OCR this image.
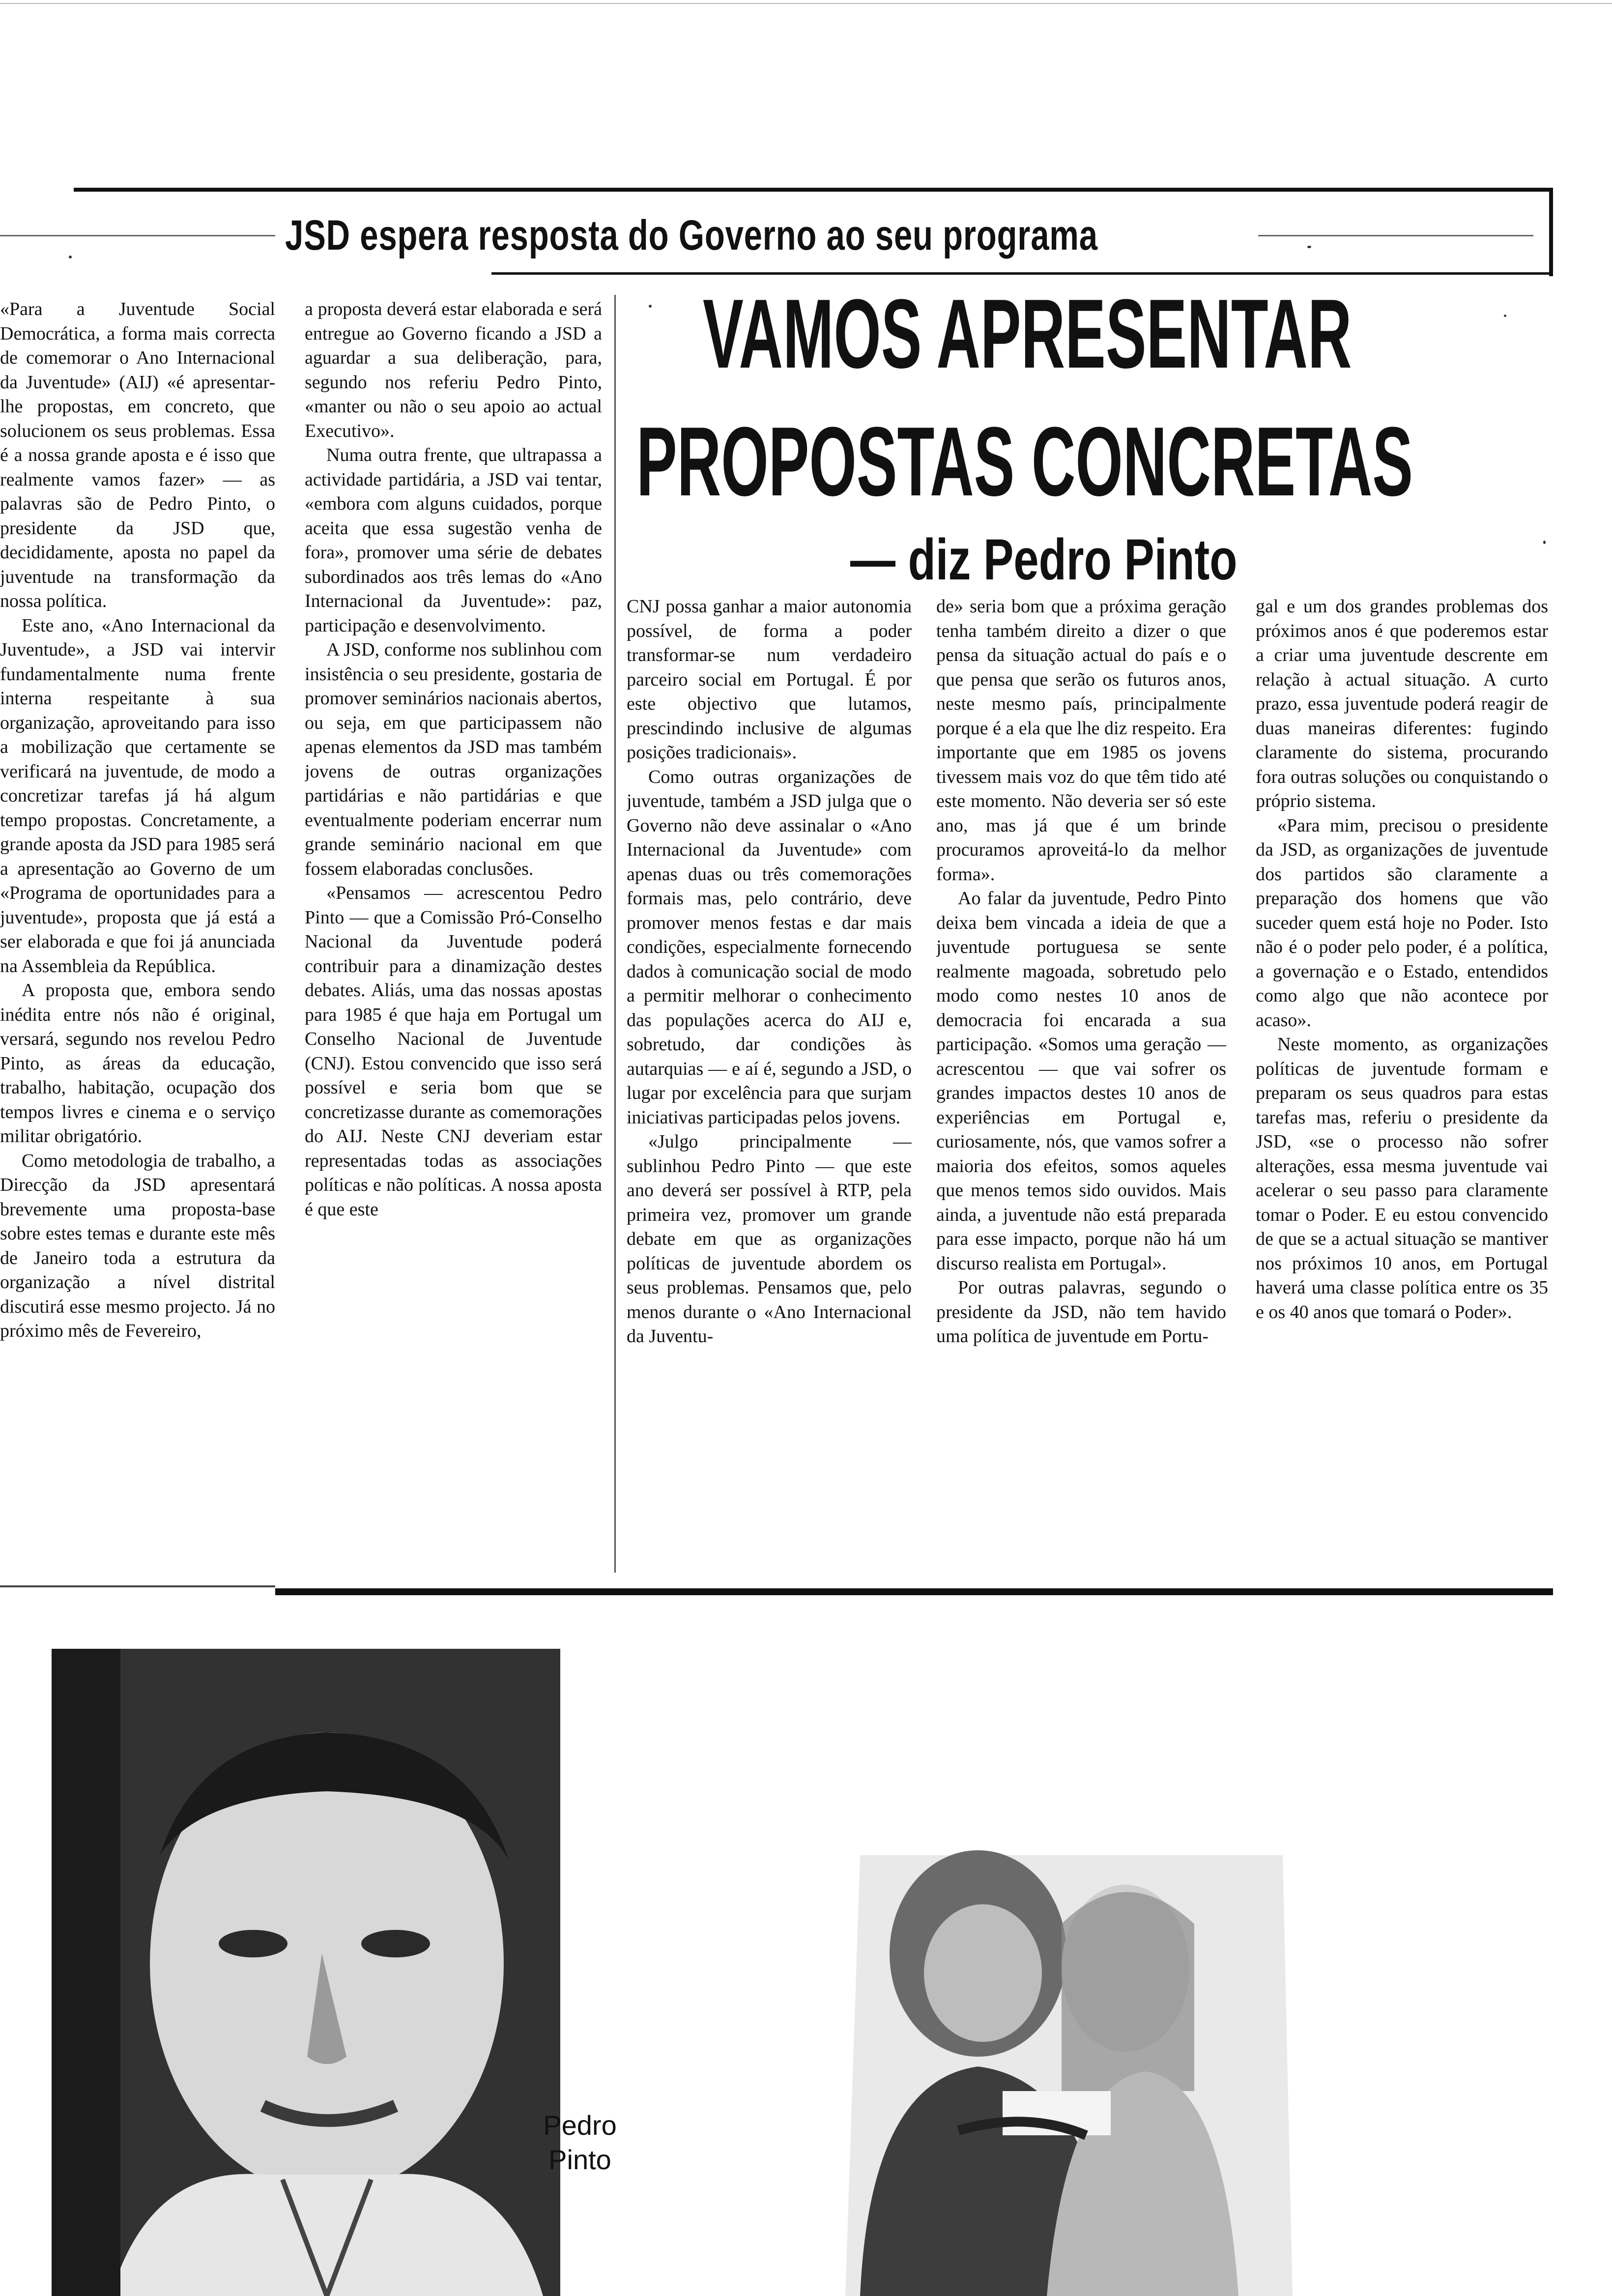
JSD espera resposta do Governo ao seu programa
VAMOS APRESENTAR
PROPOSTAS CONCRETAS
— diz Pedro Pinto

«Para a Juventude Social Democrática, a forma mais correcta de comemorar o Ano Internacional da Juventude» (AIJ) «é apresentar-lhe propostas, em concreto, que solucionem os seus problemas. Essa é a nossa grande aposta e é isso que realmente vamos fazer» — as palavras são de Pedro Pinto, o presidente da JSD que, decididamente, aposta no papel da juventude na transformação da nossa política.

Este ano, «Ano Internacional da Juventude», a JSD vai intervir fundamentalmente numa frente interna respeitante à sua organização, aproveitando para isso a mobilização que certamente se verificará na juventude, de modo a concretizar tarefas já há algum tempo propostas. Concretamente, a grande aposta da JSD para 1985 será a apresentação ao Governo de um «Programa de oportunidades para a juventude», proposta que já está a ser elaborada e que foi já anunciada na Assembleia da República.

A proposta que, embora sendo inédita entre nós não é original, versará, segundo nos revelou Pedro Pinto, as áreas da educação, trabalho, habitação, ocupação dos tempos livres e cinema e o serviço militar obrigatório.

Como metodologia de trabalho, a Direcção da JSD apresentará brevemente uma proposta-base sobre estes temas e durante este mês de Janeiro toda a estrutura da organização a nível distrital discutirá esse mesmo projecto. Já no próximo mês de Fevereiro,

a proposta deverá estar elaborada e será entregue ao Governo ficando a JSD a aguardar a sua deliberação, para, segundo nos referiu Pedro Pinto, «manter ou não o seu apoio ao actual Executivo».

Numa outra frente, que ultrapassa a actividade partidária, a JSD vai tentar, «embora com alguns cuidados, porque aceita que essa sugestão venha de fora», promover uma série de debates subordinados aos três lemas do «Ano Internacional da Juventude»: paz, participação e desenvolvimento.

A JSD, conforme nos sublinhou com insistência o seu presidente, gostaria de promover seminários nacionais abertos, ou seja, em que participassem não apenas elementos da JSD mas também jovens de outras organizações partidárias e não partidárias e que eventualmente poderiam encerrar num grande seminário nacional em que fossem elaboradas conclusões.

«Pensamos — acrescentou Pedro Pinto — que a Comissão Pró-Conselho Nacional da Juventude poderá contribuir para a dinamização destes debates. Aliás, uma das nossas apostas para 1985 é que haja em Portugal um Conselho Nacional de Juventude (CNJ). Estou convencido que isso será possível e seria bom que se concretizasse durante as comemorações do AIJ. Neste CNJ deveriam estar representadas todas as associações políticas e não políticas. A nossa aposta é que este

CNJ possa ganhar a maior autonomia possível, de forma a poder transformar-se num verdadeiro parceiro social em Portugal. É por este objectivo que lutamos, prescindindo inclusive de algumas posições tradicionais».

Como outras organizações de juventude, também a JSD julga que o Governo não deve assinalar o «Ano Internacional da Juventude» com apenas duas ou três comemorações formais mas, pelo contrário, deve promover menos festas e dar mais condições, especialmente fornecendo dados à comunicação social de modo a permitir melhorar o conhecimento das populações acerca do AIJ e, sobretudo, dar condições às autarquias — e aí é, segundo a JSD, o lugar por excelência para que surjam iniciativas participadas pelos jovens.

«Julgo principalmente — sublinhou Pedro Pinto — que este ano deverá ser possível à RTP, pela primeira vez, promover um grande debate em que as organizações políticas de juventude abordem os seus problemas. Pensamos que, pelo menos durante o «Ano Internacional da Juventu-

de» seria bom que a próxima geração tenha também direito a dizer o que pensa da situação actual do país e o que pensa que serão os futuros anos, neste mesmo país, principalmente porque é a ela que lhe diz respeito. Era importante que em 1985 os jovens tivessem mais voz do que têm tido até este momento. Não deveria ser só este ano, mas já que é um brinde procuramos aproveitá-lo da melhor forma».

Ao falar da juventude, Pedro Pinto deixa bem vincada a ideia de que a juventude portuguesa se sente realmente magoada, sobretudo pelo modo como nestes 10 anos de democracia foi encarada a sua participação. «Somos uma geração — acrescentou — que vai sofrer os grandes impactos destes 10 anos de experiências em Portugal e, curiosamente, nós, que vamos sofrer a maioria dos efeitos, somos aqueles que menos temos sido ouvidos. Mais ainda, a juventude não está preparada para esse impacto, porque não há um discurso realista em Portugal».

Por outras palavras, segundo o presidente da JSD, não tem havido uma política de juventude em Portu-

gal e um dos grandes problemas dos próximos anos é que poderemos estar a criar uma juventude descrente em relação à actual situação. A curto prazo, essa juventude poderá reagir de duas maneiras diferentes: fugindo claramente do sistema, procurando fora outras soluções ou conquistando o próprio sistema.

«Para mim, precisou o presidente da JSD, as organizações de juventude dos partidos são claramente a preparação dos homens que vão suceder quem está hoje no Poder. Isto não é o poder pelo poder, é a política, a governação e o Estado, entendidos como algo que não acontece por acaso».

Neste momento, as organizações políticas de juventude formam e preparam os seus quadros para estas tarefas mas, referiu o presidente da JSD, «se o processo não sofrer alterações, essa mesma juventude vai acelerar o seu passo para claramente tomar o Poder. E eu estou convencido de que se a actual situação se mantiver nos próximos 10 anos, em Portugal haverá uma classe política entre os 35 e os 40 anos que tomará o Poder».

Pedro
Pinto
